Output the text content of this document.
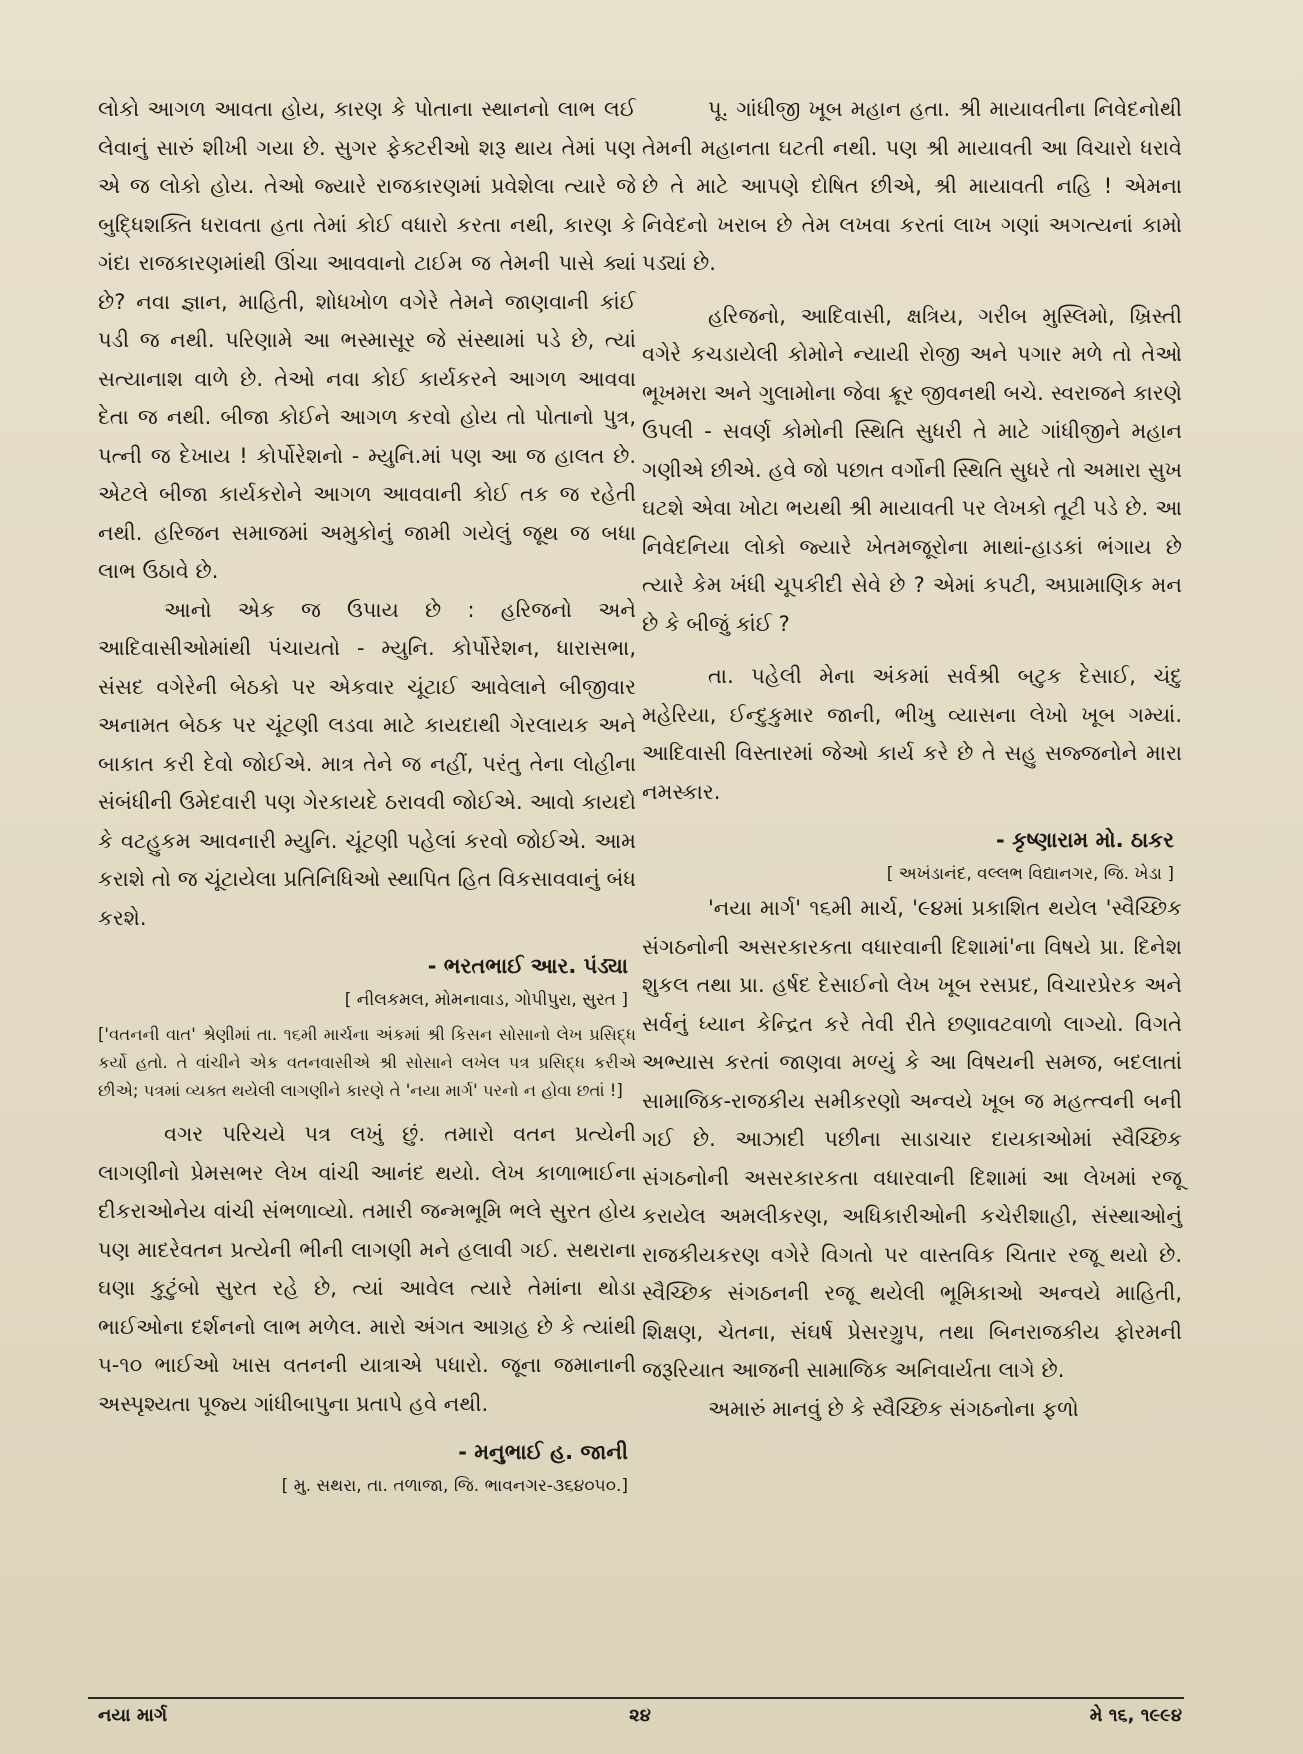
લોકો આગળ આવતા હોય, કારણ કે પોતાના સ્થાનનો લાભ લઈ લેવાનું સારું શીખી ગયા છે. સુગર ફેક્ટરીઓ શરૂ થાય તેમાં પણ એ જ લોકો હોય. તેઓ જ્યારે રાજકારણમાં પ્રવેશેલા ત્યારે જે બુદ્ધિશક્તિ ધરાવતા હતા તેમાં કોઈ વધારો કરતા નથી, કારણ કે ગંદા રાજકારણમાંથી ઊંચા આવવાનો ટાઈમ જ તેમની પાસે ક્યાં છે? નવા જ્ઞાન, માહિતી, શોધખોળ વગેરે તેમને જાણવાની કાંઈ પડી જ નથી. પરિણામે આ ભસ્માસૂર જે સંસ્થામાં પડે છે, ત્યાં સત્યાનાશ વાળે છે. તેઓ નવા કોઈ કાર્યકરને આગળ આવવા દેતા જ નથી. બીજા કોઈને આગળ કરવો હોય તો પોતાનો પુત્ર, પત્ની જ દેખાય ! કોર્પોરેશનો - મ્યુનિ.માં પણ આ જ હાલત છે. એટલે બીજા કાર્યકરોને આગળ આવવાની કોઈ તક જ રહેતી નથી. હરિજન સમાજમાં અમુકોનું જામી ગયેલું જૂથ જ બધા લાભ ઉઠાવે છે.

આનો એક જ ઉપાય છે : હરિજનો અને આદિવાસીઓમાંથી પંચાયતો - મ્યુનિ. કોર્પોરેશન, ધારાસભા, સંસદ વગેરેની બેઠકો પર એકવાર ચૂંટાઈ આવેલાને બીજીવાર અનામત બેઠક પર ચૂંટણી લડવા માટે કાયદાથી ગેરલાયક અને બાકાત કરી દેવો જોઈએ. માત્ર તેને જ નહીં, પરંતુ તેના લોહીના સંબંધીની ઉમેદવારી પણ ગેરકાયદે ઠરાવવી જોઈએ. આવો કાયદો કે વટહુકમ આવનારી મ્યુનિ. ચૂંટણી પહેલાં કરવો જોઈએ. આમ કરાશે તો જ ચૂંટાયેલા પ્રતિનિધિઓ સ્થાપિત હિત વિકસાવવાનું બંધ કરશે.

- ભરતભાઈ આર. પંડ્યા
[ નીલકમલ, મોમનાવાડ, ગોપીપુરા, સુરત ]

['વતનની વાત' શ્રેણીમાં તા. ૧૬મી માર્ચના અંકમાં શ્રી કિસન સોસાનો લેખ પ્રસિદ્ધ કર્યો હતો. તે વાંચીને એક વતનવાસીએ શ્રી સોસાને લખેલ પત્ર પ્રસિદ્ધ કરીએ છીએ; પત્રમાં વ્યક્ત થયેલી લાગણીને કારણે તે 'નયા માર્ગ' પરનો ન હોવા છતાં !]

વગર પરિચયે પત્ર લખું છું. તમારો વતન પ્રત્યેની લાગણીનો પ્રેમસભર લેખ વાંચી આનંદ થયો. લેખ કાળાભાઈના દીકરાઓનેય વાંચી સંભળાવ્યો. તમારી જન્મભૂમિ ભલે સુરત હોય પણ માદરેવતન પ્રત્યેની ભીની લાગણી મને હલાવી ગઈ. સથરાના ઘણા કુટુંબો સુરત રહે છે, ત્યાં આવેલ ત્યારે તેમાંના થોડા ભાઈઓના દર્શનનો લાભ મળેલ. મારો અંગત આગ્રહ છે કે ત્યાંથી ૫-૧૦ ભાઈઓ ખાસ વતનની યાત્રાએ પધારો. જૂના જમાનાની અસ્પૃશ્યતા પૂજ્ય ગાંધીબાપુના પ્રતાપે હવે નથી.

- મનુભાઈ હ. જાની
[ મુ. સથરા, તા. તળાજા, જિ. ભાવનગર-૩૬૪૦૫૦.]

પૂ. ગાંધીજી ખૂબ મહાન હતા. શ્રી માયાવતીના નિવેદનોથી તેમની મહાનતા ઘટતી નથી. પણ શ્રી માયાવતી આ વિચારો ધરાવે છે તે માટે આપણે દોષિત છીએ, શ્રી માયાવતી નહિ ! એમના નિવેદનો ખરાબ છે તેમ લખવા કરતાં લાખ ગણાં અગત્યનાં કામો પડ્યાં છે.

હરિજનો, આદિવાસી, ક્ષત્રિય, ગરીબ મુસ્લિમો, ખ્રિસ્તી વગેરે કચડાયેલી કોમોને ન્યાયી રોજી અને પગાર મળે તો તેઓ ભૂખમરા અને ગુલામોના જેવા ક્રૂર જીવનથી બચે. સ્વરાજને કારણે ઉપલી - સવર્ણ કોમોની સ્થિતિ સુધરી તે માટે ગાંધીજીને મહાન ગણીએ છીએ. હવે જો પછાત વર્ગોની સ્થિતિ સુધરે તો અમારા સુખ ઘટશે એવા ખોટા ભયથી શ્રી માયાવતી પર લેખકો તૂટી પડે છે. આ નિવેદનિયા લોકો જ્યારે ખેતમજૂરોના માથાં-હાડકાં ભંગાય છે ત્યારે કેમ ખંધી ચૂપકીદી સેવે છે ? એમાં કપટી, અપ્રામાણિક મન છે કે બીજું કાંઈ ?

તા. પહેલી મેના અંકમાં સર્વશ્રી બટુક દેસાઈ, ચંદુ મહેરિયા, ઈન્દુકુમાર જાની, ભીખુ વ્યાસના લેખો ખૂબ ગમ્યાં. આદિવાસી વિસ્તારમાં જેઓ કાર્ય કરે છે તે સહુ સજ્જનોને મારા નમસ્કાર.

- કૃષ્ણારામ મો. ઠાકર
[ અખંડાનંદ, વલ્લભ વિદ્યાનગર, જિ. ખેડા ]

'નયા માર્ગ' ૧૬મી માર્ચ, '૯૪માં પ્રકાશિત થયેલ 'સ્વૈચ્છિક સંગઠનોની અસરકારકતા વધારવાની દિશામાં'ના વિષયે પ્રા. દિનેશ શુકલ તથા પ્રા. હર્ષદ દેસાઈનો લેખ ખૂબ રસપ્રદ, વિચારપ્રેરક અને સર્વનું ધ્યાન કેન્દ્રિત કરે તેવી રીતે છણાવટવાળો લાગ્યો. વિગતે અભ્યાસ કરતાં જાણવા મળ્યું કે આ વિષયની સમજ, બદલાતાં સામાજિક-રાજકીય સમીકરણો અન્વયે ખૂબ જ મહત્ત્વની બની ગઈ છે. આઝાદી પછીના સાડાચાર દાયકાઓમાં સ્વૈચ્છિક સંગઠનોની અસરકારકતા વધારવાની દિશામાં આ લેખમાં રજૂ કરાયેલ અમલીકરણ, અધિકારીઓની કચેરીશાહી, સંસ્થાઓનું રાજકીયકરણ વગેરે વિગતો પર વાસ્તવિક ચિતાર રજૂ થયો છે. સ્વૈચ્છિક સંગઠનની રજૂ થયેલી ભૂમિકાઓ અન્વયે માહિતી, શિક્ષણ, ચેતના, સંઘર્ષ પ્રેસરગ્રુપ, તથા બિનરાજકીય ફોરમની જરૂરિયાત આજની સામાજિક અનિવાર્યતા લાગે છે.

અમારું માનવું છે કે સ્વૈચ્છિક સંગઠનોના ફળો

નયા માર્ગ	૨૪	મે ૧૬, ૧૯૯૪
